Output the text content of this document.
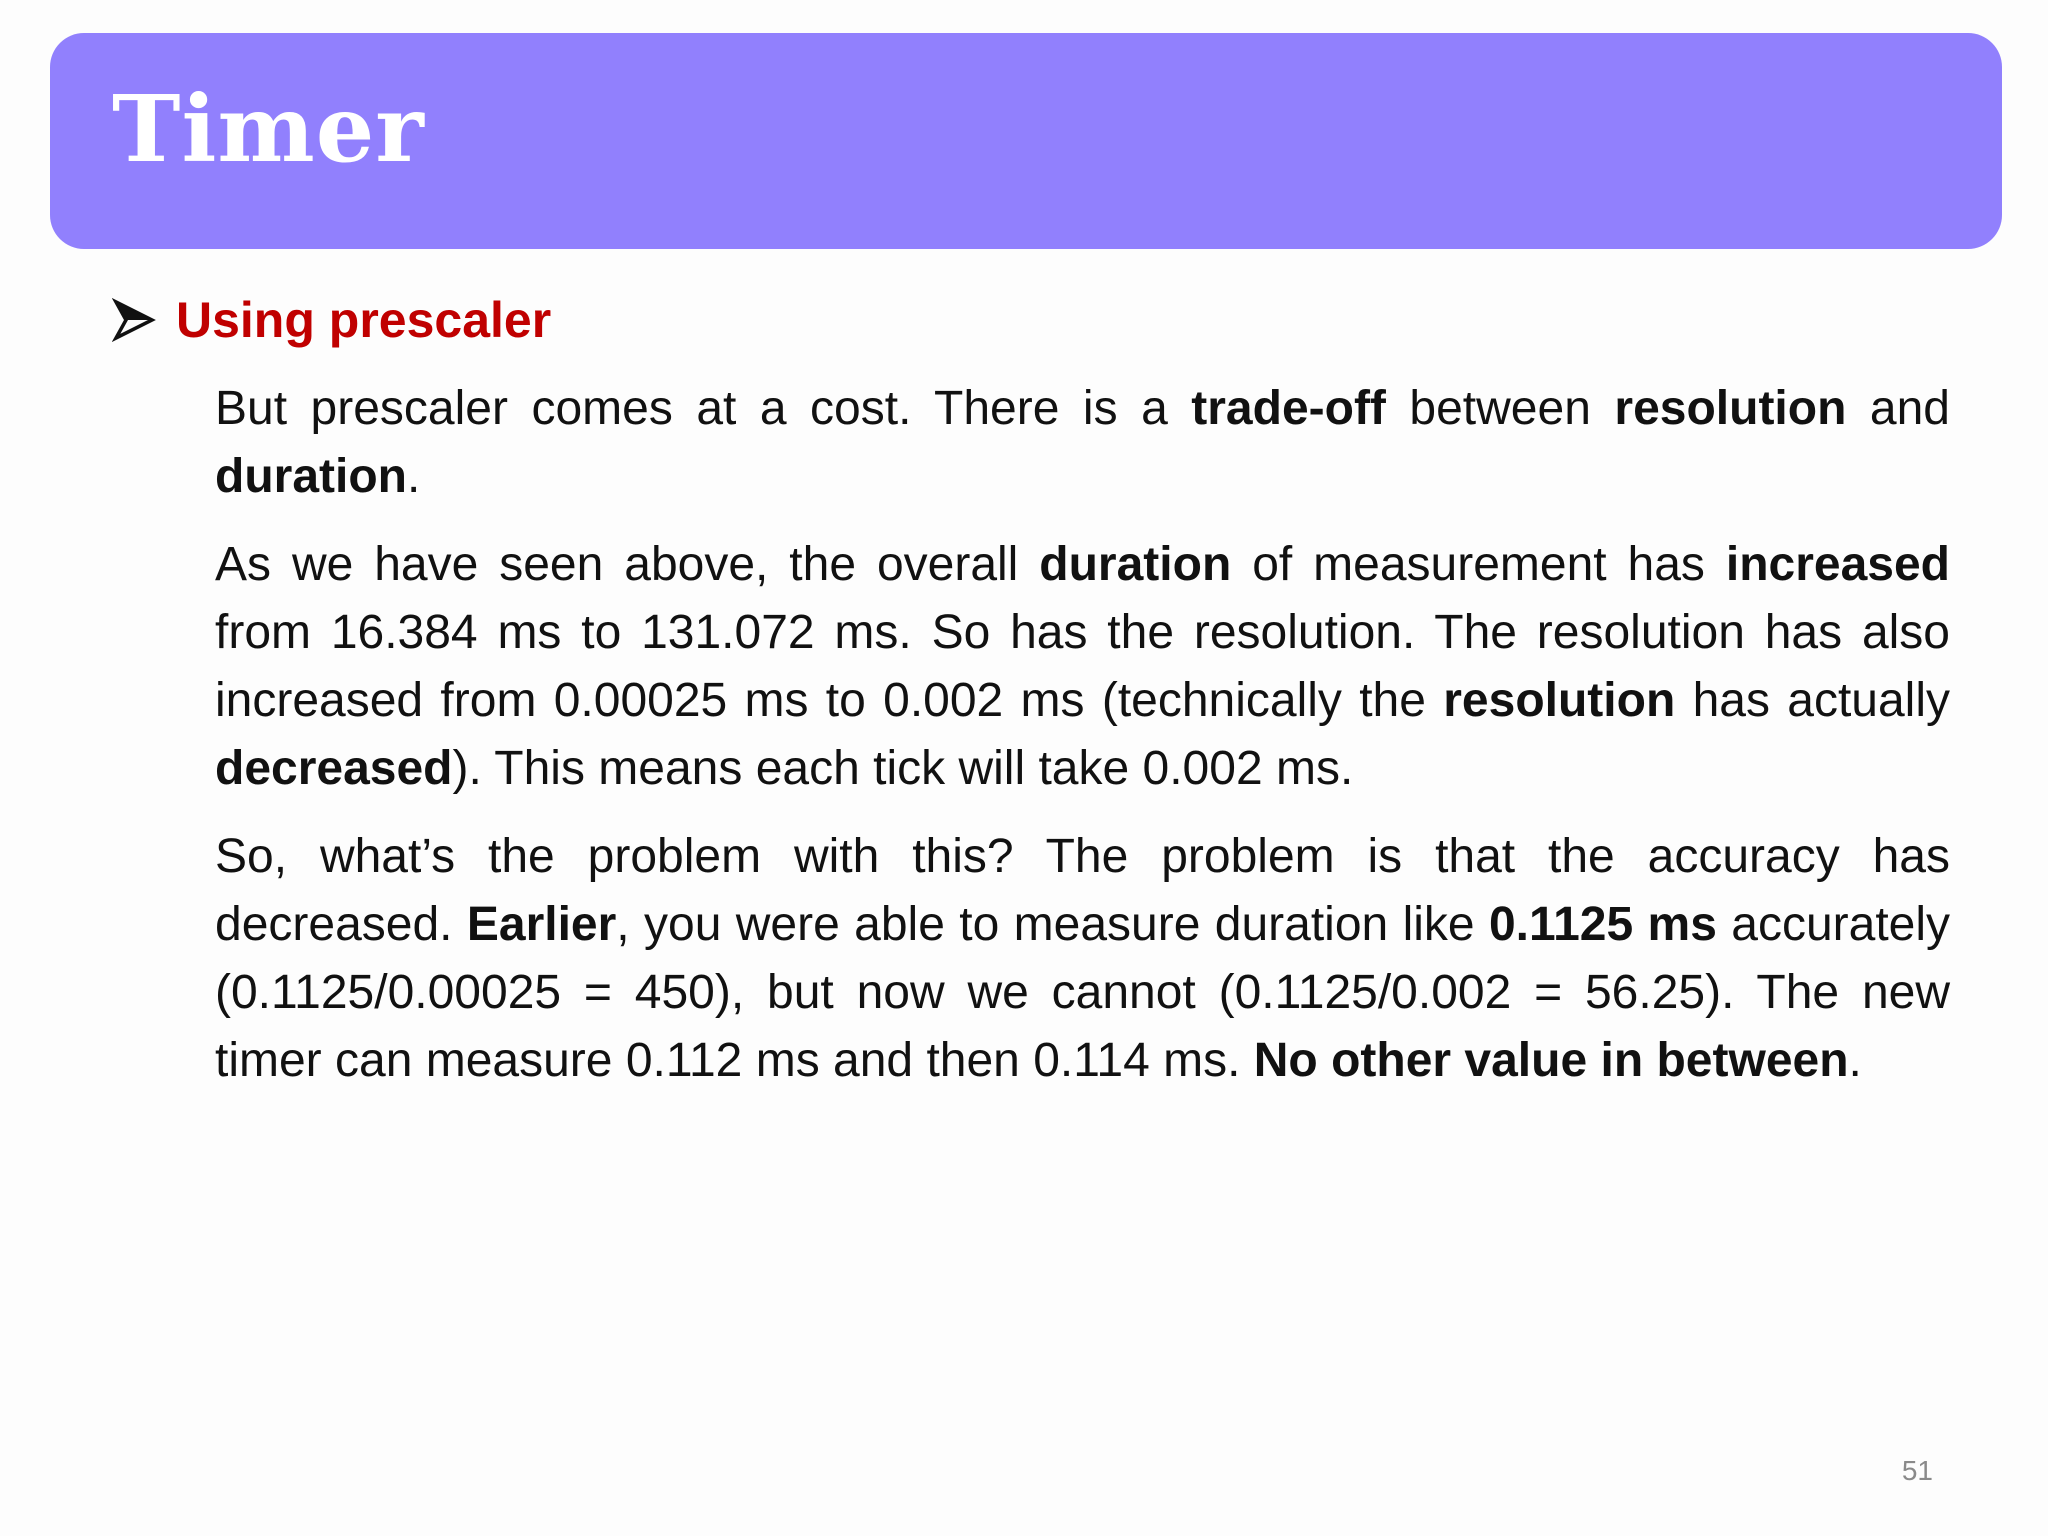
Timer
Using prescaler

But prescaler comes at a cost. There is a trade-off between resolution and duration.

As we have seen above, the overall duration of measurement has increased from 16.384 ms to 131.072 ms. So has the resolution. The resolution has also increased from 0.00025 ms to 0.002 ms (technically the resolution has actually decreased). This means each tick will take 0.002 ms.

So, what’s the problem with this? The problem is that the accuracy has decreased. Earlier, you were able to measure duration like 0.1125 ms accurately (0.1125/0.00025 = 450), but now we cannot (0.1125/0.002 = 56.25). The new timer can measure 0.112 ms and then 0.114 ms. No other value in between.

51
